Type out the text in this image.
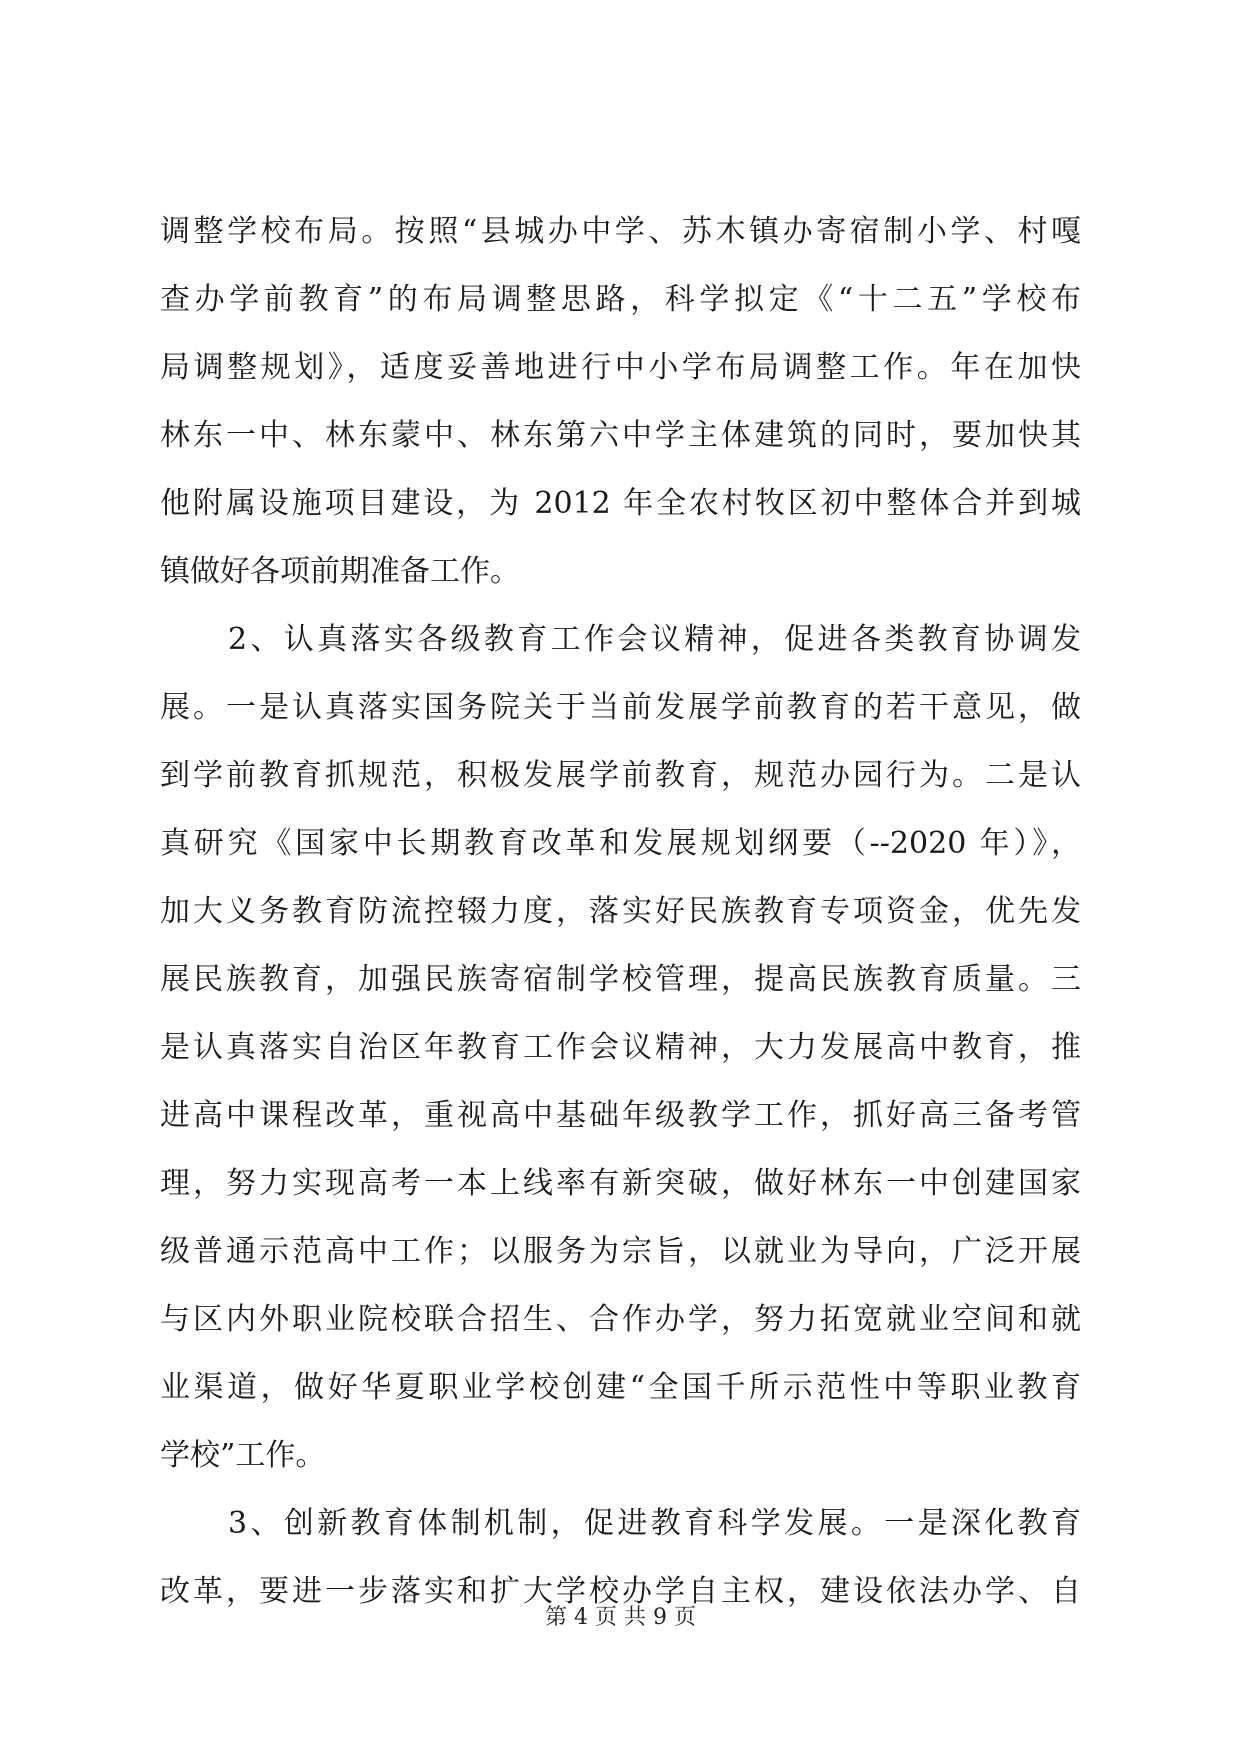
调整学校布局。按照“县城办中学、苏木镇办寄宿制小学、村嘎
查办学前教育”的布局调整思路，科学拟定《“十二五”学校布
局调整规划》，适度妥善地进行中小学布局调整工作。年在加快
林东一中、林东蒙中、林东第六中学主体建筑的同时，要加快其
他附属设施项目建设，为 2012 年全农村牧区初中整体合并到城
镇做好各项前期准备工作。
2、认真落实各级教育工作会议精神，促进各类教育协调发
展。一是认真落实国务院关于当前发展学前教育的若干意见，做
到学前教育抓规范，积极发展学前教育，规范办园行为。二是认
真研究《国家中长期教育改革和发展规划纲要（--2020 年）》，
加大义务教育防流控辍力度，落实好民族教育专项资金，优先发
展民族教育，加强民族寄宿制学校管理，提高民族教育质量。三
是认真落实自治区年教育工作会议精神，大力发展高中教育，推
进高中课程改革，重视高中基础年级教学工作，抓好高三备考管
理，努力实现高考一本上线率有新突破，做好林东一中创建国家
级普通示范高中工作；以服务为宗旨，以就业为导向，广泛开展
与区内外职业院校联合招生、合作办学，努力拓宽就业空间和就
业渠道，做好华夏职业学校创建“全国千所示范性中等职业教育
学校”工作。
3、创新教育体制机制，促进教育科学发展。一是深化教育
改革，要进一步落实和扩大学校办学自主权，建设依法办学、自
第 4 页 共 9 页
